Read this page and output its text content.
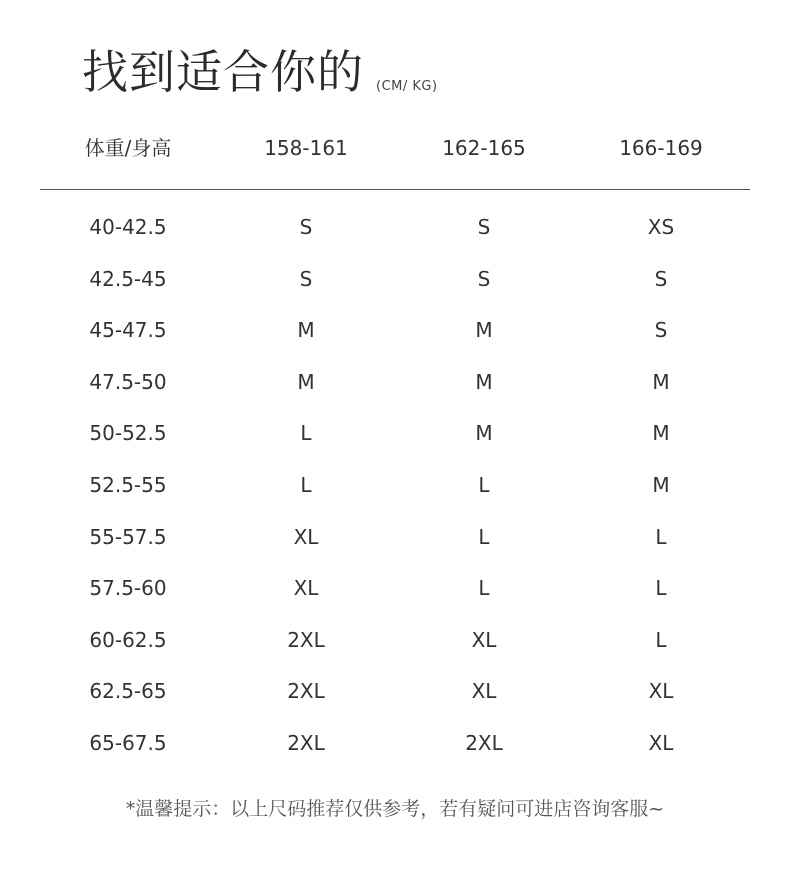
找到适合你的 (CM/ KG)
体重/身高	158-161	162-165	166-169
40-42.5	S	S	XS
42.5-45	S	S	S
45-47.5	M	M	S
47.5-50	M	M	M
50-52.5	L	M	M
52.5-55	L	L	M
55-57.5	XL	L	L
57.5-60	XL	L	L
60-62.5	2XL	XL	L
62.5-65	2XL	XL	XL
65-67.5	2XL	2XL	XL
*温馨提示：以上尺码推荐仅供参考，若有疑问可进店咨询客服~
